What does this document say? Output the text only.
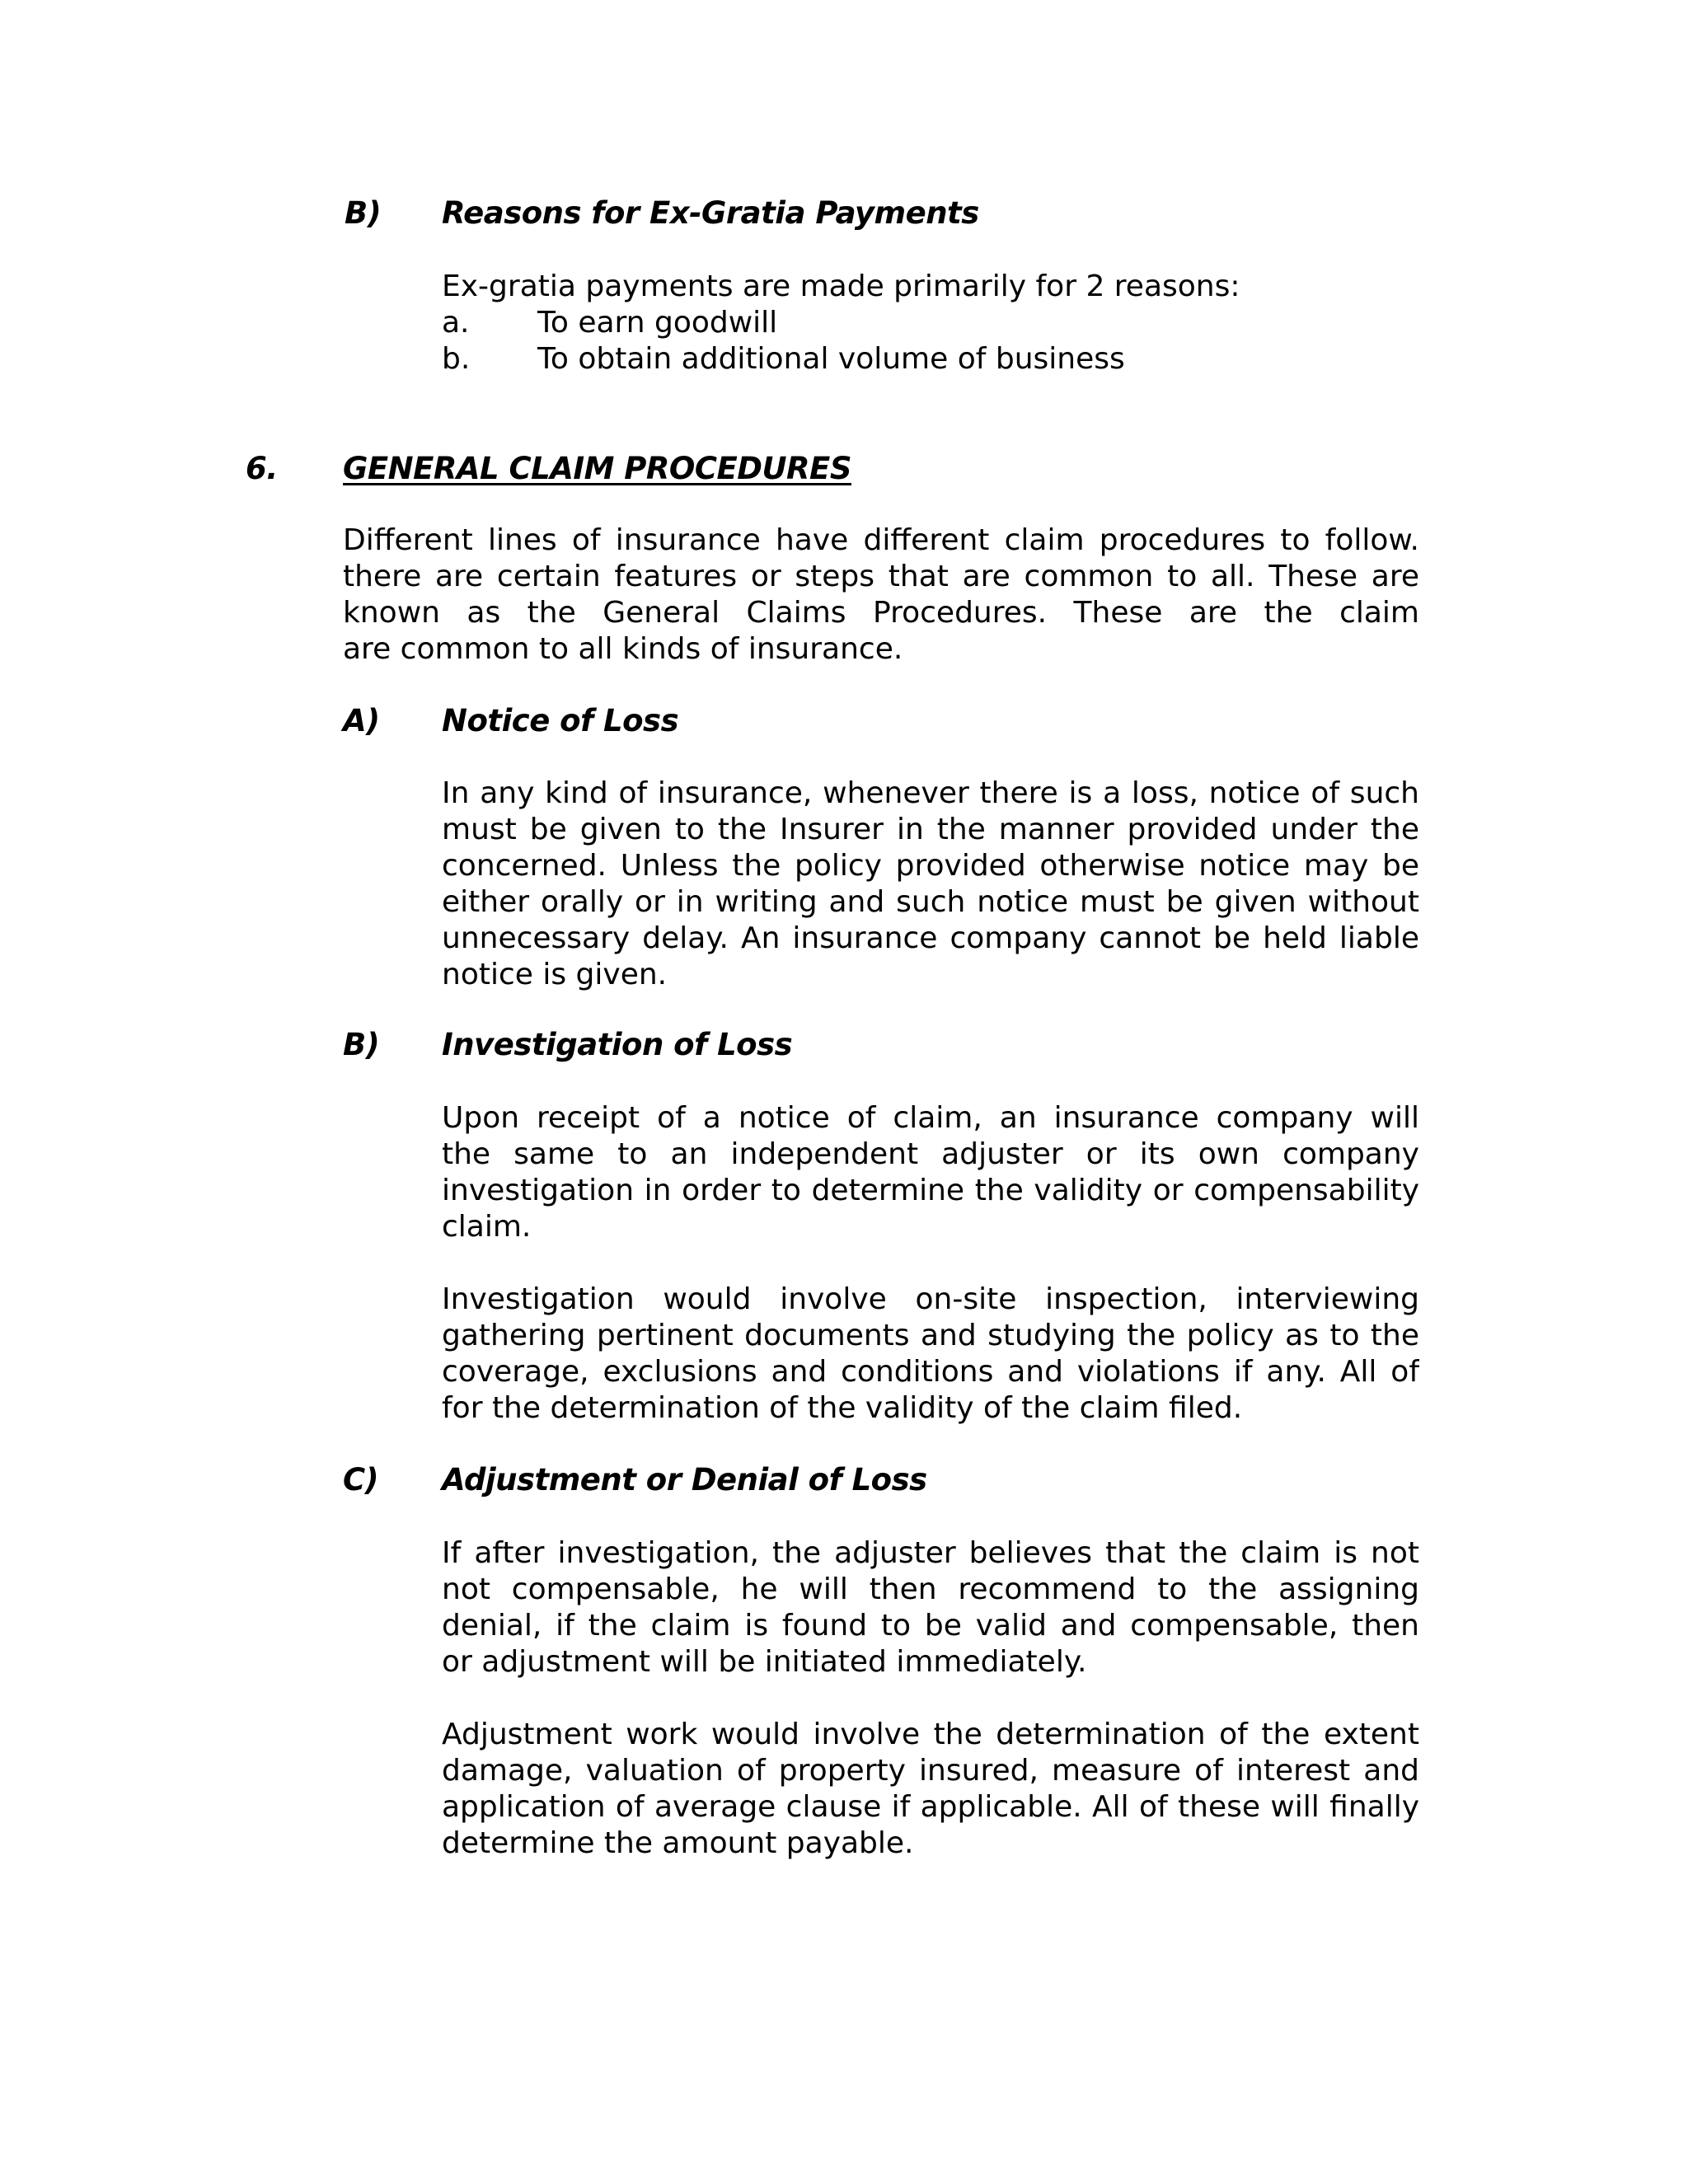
B) Reasons for Ex-Gratia Payments
Ex-gratia payments are made primarily for 2 reasons:
a. To earn goodwill
b. To obtain additional volume of business
6. GENERAL CLAIM PROCEDURES
Different lines of insurance have different claim procedures to follow.
there are certain features or steps that are common to all. These are
known as the General Claims Procedures. These are the claim
are common to all kinds of insurance.
A) Notice of Loss
In any kind of insurance, whenever there is a loss, notice of such
must be given to the Insurer in the manner provided under the
concerned. Unless the policy provided otherwise notice may be
either orally or in writing and such notice must be given without
unnecessary delay. An insurance company cannot be held liable
notice is given.
B) Investigation of Loss
Upon receipt of a notice of claim, an insurance company will
the same to an independent adjuster or its own company
investigation in order to determine the validity or compensability
claim.
Investigation would involve on-site inspection, interviewing
gathering pertinent documents and studying the policy as to the
coverage, exclusions and conditions and violations if any. All of
for the determination of the validity of the claim filed.
C) Adjustment or Denial of Loss
If after investigation, the adjuster believes that the claim is not
not compensable, he will then recommend to the assigning
denial, if the claim is found to be valid and compensable, then
or adjustment will be initiated immediately.
Adjustment work would involve the determination of the extent
damage, valuation of property insured, measure of interest and
application of average clause if applicable. All of these will finally
determine the amount payable.
